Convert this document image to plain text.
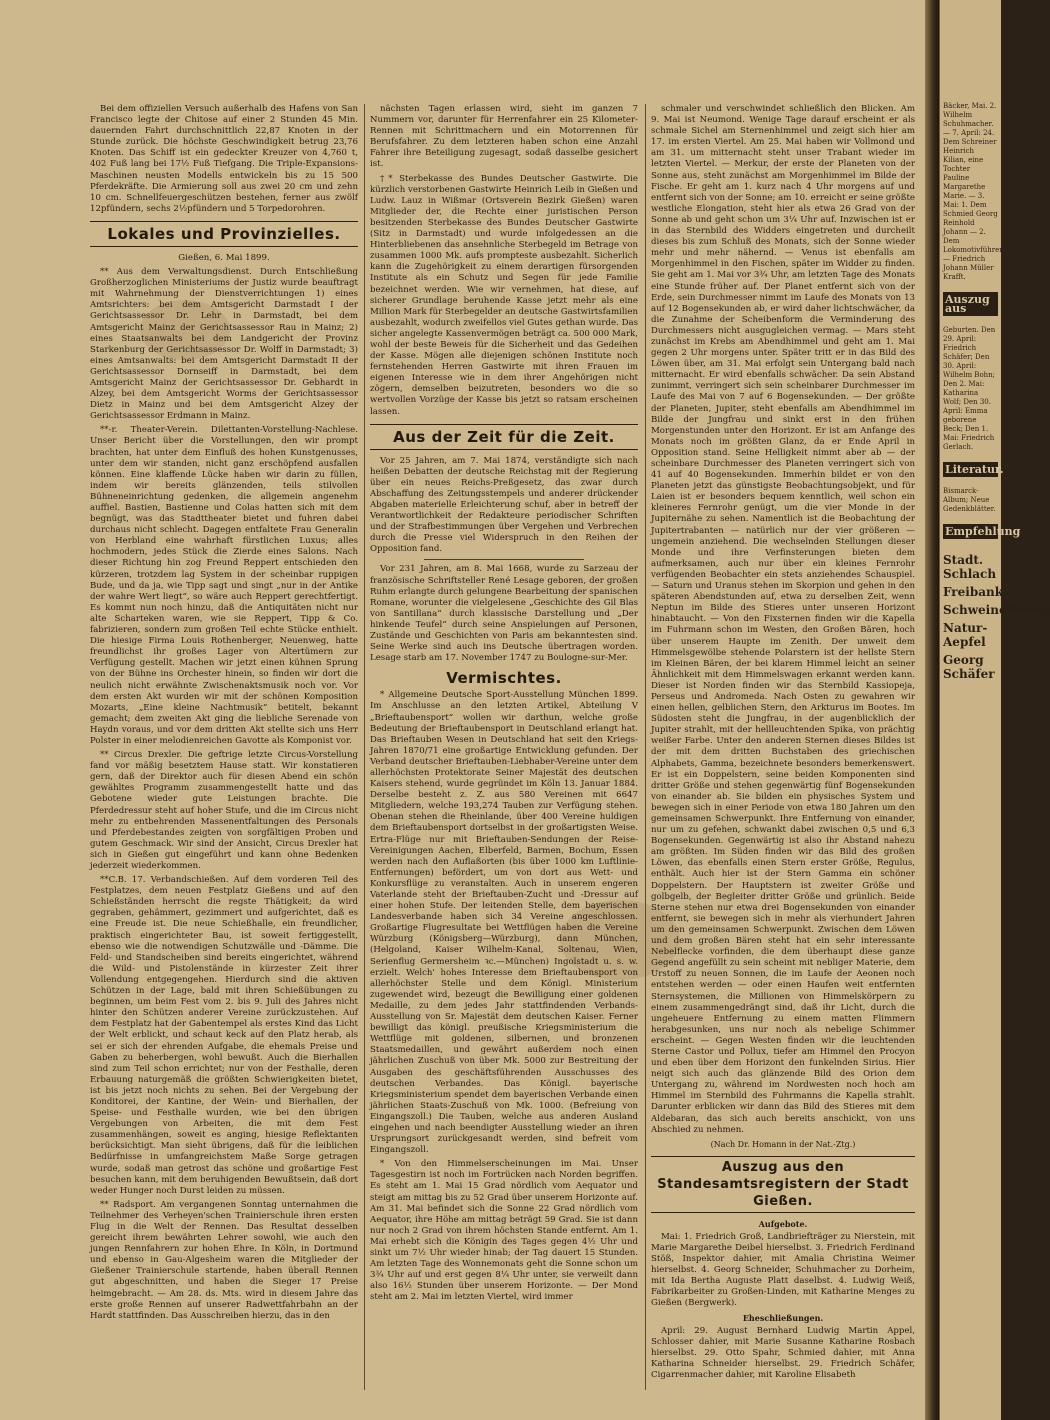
Bei dem offiziellen Versuch außerhalb des Hafens von San Francisco legte der Chitose auf einer 2 Stunden 45 Min. dauernden Fahrt durchschnittlich 22,87 Knoten in der Stunde zurück. Die höchste Geschwindigkeit betrug 23,76 Knoten. Das Schiff ist ein gedeckter Kreuzer von 4,760 t, 402 Fuß lang bei 17½ Fuß Tiefgang. Die Triple-Expansions-Maschinen neusten Modells entwickeln bis zu 15 500 Pferdekräfte. Die Armierung soll aus zwei 20 cm und zehn 10 cm. Schnellfeuergeschützen bestehen, ferner aus zwölf 12pfündern, sechs 2½pfündern und 5 Torpedorohren.

Lokales und Provinzielles.
Gießen, 6. Mai 1899.

** Aus dem Verwaltungsdienst. Durch Entschließung Großherzoglichen Ministeriums der Justiz wurde beauftragt mit Wahrnehmung der Dienstverrichtungen 1) eines Amtsrichters: bei dem Amtsgericht Darmstadt I der Gerichtsassessor Dr. Lehr in Darmstadt, bei dem Amtsgericht Mainz der Gerichtsassessor Rau in Mainz; 2) eines Staatsanwalts bei dem Landgericht der Provinz Starkenburg der Gerichtsassessor Dr. Wolff in Darmstadt; 3) eines Amtsanwalts: bei dem Amtsgericht Darmstadt II der Gerichtsassessor Dornseiff in Darmstadt, bei dem Amtsgericht Mainz der Gerichtsassessor Dr. Gebhardt in Alzey, bei dem Amtsgericht Worms der Gerichtsassessor Dietz in Mainz und bei dem Amtsgericht Alzey der Gerichtsassessor Erdmann in Mainz.

**-r. Theater-Verein. Dilettanten-Vorstellung-Nachlese. Unser Bericht über die Vorstellungen, den wir prompt brachten, hat unter dem Einfluß des hohen Kunstgenusses, unter dem wir standen, nicht ganz erschöpfend ausfallen können. Eine klaffende Lücke haben wir darin zu füllen, indem wir bereits glänzenden, teils stilvollen Bühneneinrichtung gedenken, die allgemein angenehm auffiel. Bastien, Bastienne und Colas hatten sich mit dem begnügt, was das Stadttheater bietet und fuhren dabei durchaus nicht schlecht. Dagegen entfaltete Frau Generalin von Herbland eine wahrhaft fürstlichen Luxus; alles hochmodern, jedes Stück die Zierde eines Salons. Nach dieser Richtung hin zog Freund Reppert entschieden den kürzeren, trotzdem lag System in der scheinbar ruppigen Bude, und da ja, wie Tipp sagt und singt „nur in der Antike der wahre Wert liegt“, so wäre auch Reppert gerechtfertigt. Es kommt nun noch hinzu, daß die Antiquitäten nicht nur alte Scharteken waren, wie sie Reppert, Tipp & Co. fabrizieren, sondern zum großen Teil echte Stücke enthielt. Die hiesige Firma Louis Rothenberger, Neuenweg, hatte freundlichst ihr großes Lager von Altertümern zur Verfügung gestellt. Machen wir jetzt einen kühnen Sprung von der Bühne ins Orchester hinein, so finden wir dort die neulich nicht erwähnte Zwischenaktsmusik noch vor. Vor dem ersten Akt wurden wir mit der schönen Komposition Mozarts, „Eine kleine Nachtmusik“ betitelt, bekannt gemacht; dem zweiten Akt ging die liebliche Serenade von Haydn voraus, und vor dem dritten Akt stellte sich uns Herr Polster in einer melodienreichen Gavotte als Komponist vor.

** Circus Drexler. Die geftrige letzte Circus-Vorstellung fand vor mäßig besetztem Hause statt. Wir konstatieren gern, daß der Direktor auch für diesen Abend ein schön gewähltes Programm zusammengestellt hatte und das Gebotene wieder gute Leistungen brachte. Die Pferdedressur steht auf hoher Stufe, und die im Circus nicht mehr zu entbehrenden Massenentfaltungen des Personals und Pferdebestandes zeigten von sorgfältigen Proben und gutem Geschmack. Wir sind der Ansicht, Circus Drexler hat sich in Gießen gut eingeführt und kann ohne Bedenken jederzeit wiederkommen.

**C.B. 17. Verbandschießen. Auf dem vorderen Teil des Festplatzes, dem neuen Festplatz Gießens und auf den Schießständen herrscht die regste Thätigkeit; da wird gegraben, gehämmert, gezimmert und aufgerichtet, daß es eine Freude ist. Die neue Schießhalle, ein freundlicher, praktisch eingerichteter Bau, ist soweit fertiggestellt, ebenso wie die notwendigen Schutzwälle und -Dämme. Die Feld- und Standscheiben sind bereits eingerichtet, während die Wild- und Pistolenstände in kürzester Zeit ihrer Vollendung entgegengehen. Hierdurch sind die aktiven Schützen in der Lage, bald mit ihren Schießübungen zu beginnen, um beim Fest vom 2. bis 9. Juli des Jahres nicht hinter den Schützen anderer Vereine zurückzustehen. Auf dem Festplatz hat der Gabentempel als erstes Kind das Licht der Welt erblickt, und schaut keck auf den Platz herab, als sei er sich der ehrenden Aufgabe, die ehemals Preise und Gaben zu beherbergen, wohl bewußt. Auch die Bierhallen sind zum Teil schon errichtet; nur von der Festhalle, deren Erbauung naturgemäß die größten Schwierigkeiten bietet, ist bis jetzt noch nichts zu sehen. Bei der Vergebung der Konditorei, der Kantine, der Wein- und Bierhallen, der Speise- und Festhalle wurden, wie bei den übrigen Vergebungen von Arbeiten, die mit dem Fest zusammenhängen, soweit es anging, hiesige Reflektanten berücksichtigt. Man sieht übrigens, daß für die leiblichen Bedürfnisse in umfangreichstem Maße Sorge getragen wurde, sodaß man getrost das schöne und großartige Fest besuchen kann, mit dem beruhigenden Bewußtsein, daß dort weder Hunger noch Durst leiden zu müssen.

** Radsport. Am vergangenen Sonntag unternahmen die Teilnehmer des Verheyen'schen Trainierschule ihren ersten Flug in die Welt der Rennen. Das Resultat desselben gereicht ihrem bewährten Lehrer sowohl, wie auch den jungen Rennfahrern zur hohen Ehre. In Köln, in Dortmund und ebenso in Gau-Algesheim waren die Mitglieder der Gießener Trainierschule startende, haben überall Rennen gut abgeschnitten, und haben die Sieger 17 Preise heimgebracht. — Am 28. ds. Mts. wird in diesem Jahre das erste große Rennen auf unserer Radwettfahrbahn an der Hardt stattfinden. Das Ausschreiben hierzu, das in den

nächsten Tagen erlassen wird, sieht im ganzen 7 Nummern vor, darunter für Herrenfahrer ein 25 Kilometer-Rennen mit Schrittmachern und ein Motorrennen für Berufsfahrer. Zu dem letzteren haben schon eine Anzahl Fahrer ihre Beteiligung zugesagt, sodaß dasselbe gesichert ist.

†* Sterbekasse des Bundes Deutscher Gastwirte. Die kürzlich verstorbenen Gastwirte Heinrich Leib in Gießen und Ludw. Lauz in Wißmar (Ortsverein Bezirk Gießen) waren Mitglieder der, die Rechte einer juristischen Person besitzenden Sterbekasse des Bundes Deutscher Gastwirte (Sitz in Darmstadt) und wurde infolgedessen an die Hinterbliebenen das ansehnliche Sterbegeld im Betrage von zusammen 1000 Mk. aufs prompteste ausbezahlt. Sicherlich kann die Zugehörigkeit zu einem derartigen fürsorgenden Institute als ein Schutz und Segen für jede Familie bezeichnet werden. Wie wir vernehmen, hat diese, auf sicherer Grundlage beruhende Kasse jetzt mehr als eine Million Mark für Sterbegelder an deutsche Gastwirtsfamilien ausbezahlt, wodurch zweifellos viel Gutes gethan wurde. Das sicher angelegte Kassenvermögen beträgt ca. 500 000 Mark, wohl der beste Beweis für die Sicherheit und das Gedeihen der Kasse. Mögen alle diejenigen schönen Institute noch fernstehenden Herren Gastwirte mit ihren Frauen im eigenen Interesse wie in dem ihrer Angehörigen nicht zögern, demselben beizutreten, besonders wo die so wertvollen Vorzüge der Kasse bis jetzt so ratsam erscheinen lassen.

Aus der Zeit für die Zeit.

Vor 25 Jahren, am 7. Mai 1874, verständigte sich nach heißen Debatten der deutsche Reichstag mit der Regierung über ein neues Reichs-Preßgesetz, das zwar durch Abschaffung des Zeitungsstempels und anderer drückender Abgaben materielle Erleichterung schuf, aber in betreff der Verantwortlichkeit der Redakteure periodischer Schriften und der Strafbestimmungen über Vergehen und Verbrechen durch die Presse viel Widerspruch in den Reihen der Opposition fand.

Vor 231 Jahren, am 8. Mai 1668, wurde zu Sarzeau der französische Schriftsteller René Lesage geboren, der großen Ruhm erlangte durch gelungene Bearbeitung der spanischen Romane, worunter die vielgelesene „Geschichte des Gil Blas von Santillana“ durch klassische Darstellung und „Der hinkende Teufel“ durch seine Anspielungen auf Personen, Zustände und Geschichten von Paris am bekanntesten sind. Seine Werke sind auch ins Deutsche übertragen worden. Lesage starb am 17. November 1747 zu Boulogne-sur-Mer.

Vermischtes.

* Allgemeine Deutsche Sport-Ausstellung München 1899. Im Anschlusse an den letzten Artikel, Abteilung V „Brieftaubensport“ wollen wir darthun, welche große Bedeutung der Brieftaubensport in Deutschland erlangt hat. Das Brieftauben Wesen in Deutschland hat seit den Kriegs-Jahren 1870/71 eine großartige Entwicklung gefunden. Der Verband deutscher Brieftauben-Liebhaber-Vereine unter dem allerhöchsten Protektorate Seiner Majestät des deutschen Kaisers stehend, wurde gegründet im Köln 13. Januar 1884. Derselbe besteht z. Z. aus 580 Vereinen mit 6647 Mitgliedern, welche 193,274 Tauben zur Verfügung stehen. Obenan stehen die Rheinlande, über 400 Vereine huldigen dem Brieftaubensport dortselbst in der großartigsten Weise. Ertra-Flüge nur mit Brieftauben-Sendungen der Reise-Vereinigungen Aachen, Elberfeld, Barmen, Bochum, Essen werden nach den Auflaßorten (bis über 1000 km Luftlinie-Entfernungen) befördert, um von dort aus Wett- und Konkursflüge zu veranstalten. Auch in unserem engeren Vaterlande steht der Brieftauben-Zucht und -Dressur auf einer hohen Stufe. Der leitenden Stelle, dem bayerischen Landesverbande haben sich 34 Vereine angeschlossen. Großartige Flugresultate bei Wettflügen haben die Vereine Würzburg (Königsberg—Würzburg), dann München, (Helgoland, Kaiser Wilhelm-Kanal, Soltenau, Wien, Serienflug Germersheim ꝛc.—München) Ingolstadt u. s. w. erzielt. Welch' hohes Interesse dem Brieftaubensport von allerhöchster Stelle und dem Königl. Ministerium zugewendet wird, bezeugt die Bewilligung einer goldenen Medaille, zu dem jedes Jahr stattfindenden Verbands-Ausstellung von Sr. Majestät dem deutschen Kaiser. Ferner bewilligt das königl. preußische Kriegsministerium die Wettflüge mit goldenen, silbernen, und bronzenen Staatsmedaillen, und gewährt außerdem noch einen jährlichen Zuschuß von über Mk. 5000 zur Bestreitung der Ausgaben des geschäftsführenden Ausschusses des deutschen Verbandes. Das Königl. bayerische Kriegsministerium spendet dem bayerischen Verbande einen jährlichen Staats-Zuschuß von Mk. 1000. (Befreiung von Eingangszoll.) Die Tauben, welche aus anderen Ausland eingehen und nach beendigter Ausstellung wieder an ihren Ursprungsort zurückgesandt werden, sind befreit vom Eingangszoll.

* Von den Himmelserscheinungen im Mai. Unser Tagesgestirn ist noch im Fortrücken nach Norden begriffen. Es steht am 1. Mai 15 Grad nördlich vom Aequator und steigt am mittag bis zu 52 Grad über unserem Horizonte auf. Am 31. Mai befindet sich die Sonne 22 Grad nördlich vom Aequator, ihre Höhe am mittag beträgt 59 Grad. Sie ist dann nur noch 2 Grad von ihrem höchsten Stande entfernt. Am 1. Mai erhebt sich die Königin des Tages gegen 4½ Uhr und sinkt um 7½ Uhr wieder hinab; der Tag dauert 15 Stunden. Am letzten Tage des Wonnemonats geht die Sonne schon um 3¾ Uhr auf und erst gegen 8¼ Uhr unter, sie verweilt dann also 16½ Stunden über unserem Horizonte. — Der Mond steht am 2. Mai im letzten Viertel, wird immer

schmaler und verschwindet schließlich den Blicken. Am 9. Mai ist Neumond. Wenige Tage darauf erscheint er als schmale Sichel am Sternenhimmel und zeigt sich hier am 17. im ersten Viertel. Am 25. Mai haben wir Vollmond und am 31. um mitternacht steht unser Trabant wieder im letzten Viertel. — Merkur, der erste der Planeten von der Sonne aus, steht zunächst am Morgenhimmel im Bilde der Fische. Er geht am 1. kurz nach 4 Uhr morgens auf und entfernt sich von der Sonne; am 10. erreicht er seine größte westliche Elongation, steht hier als etwa 26 Grad von der Sonne ab und geht schon um 3¼ Uhr auf. Inzwischen ist er in das Sternbild des Widders eingetreten und durcheilt dieses bis zum Schluß des Monats, sich der Sonne wieder mehr und mehr nähernd. — Venus ist ebenfalls am Morgenhimmel in den Fischen, später im Widder zu finden. Sie geht am 1. Mai vor 3¾ Uhr, am letzten Tage des Monats eine Stunde früher auf. Der Planet entfernt sich von der Erde, sein Durchmesser nimmt im Laufe des Monats von 13 auf 12 Bogensekunden ab, er wird daher lichtschwächer, da die Zunahme der Scheibenform die Verminderung des Durchmessers nicht ausgugleichen vermag. — Mars steht zunächst im Krebs am Abendhimmel und geht am 1. Mai gegen 2 Uhr morgens unter. Später tritt er in das Bild des Löwen über, am 31. Mai erfolgt sein Untergang bald nach mitternacht. Er wird ebenfalls schwächer. Da sein Abstand zunimmt, verringert sich sein scheinbarer Durchmesser im Laufe des Mai von 7 auf 6 Bogensekunden. — Der größte der Planeten, Jupiter, steht ebenfalls am Abendhimmel im Bilde der Jungfrau und sinkt erst in den frühen Morgenstunden unter den Horizont. Er ist am Anfange des Monats noch im größten Glanz, da er Ende April in Opposition stand. Seine Helligkeit nimmt aber ab — der scheinbare Durchmesser des Planeten verringert sich von 41 auf 40 Bogensekunden. Immerhin bildet er von den Planeten jetzt das günstigste Beobachtungsobjekt, und für Laien ist er besonders bequem kenntlich, weil schon ein kleineres Fernrohr genügt, um die vier Monde in der Jupiternähe zu sehen. Namentlich ist die Beobachtung der Jupitertrabanten — natürlich nur der vier größeren — ungemein anziehend. Die wechselnden Stellungen dieser Monde und ihre Verfinsterungen bieten dem aufmerksamen, auch nur über ein kleines Fernrohr verfügenden Beobachter ein stets anziehendes Schauspiel. — Saturn und Uranus stehen im Skorpion und gehen in den späteren Abendstunden auf, etwa zu derselben Zeit, wenn Neptun im Bilde des Stieres unter unseren Horizont hinabtaucht. — Von den Fixsternen finden wir die Kapella im Fuhrmann schon im Westen, den Großen Bären, hoch über unserem Haupte im Zenith. Der unweit dem Himmelsgewölbe stehende Polarstern ist der hellste Stern im Kleinen Bären, der bei klarem Himmel leicht an seiner Ähnlichkeit mit dem Himmelswagen erkannt werden kann. Dieser ist Norden finden wir das Sternbild Kassiopeja, Perseus und Andromeda. Nach Osten zu gewahren wir einen hellen, gelblichen Stern, den Arkturus im Bootes. Im Südosten steht die Jungfrau, in der augenblicklich der Jupiter strahlt, mit der hellleuchtenden Spika, von prächtig weißer Farbe. Unter den anderen Sternen dieses Bildes ist der mit dem dritten Buchstaben des griechischen Alphabets, Gamma, bezeichnete besonders bemerkenswert. Er ist ein Doppelstern, seine beiden Komponenten sind dritter Größe und stehen gegenwärtig fünf Bogensekunden von einander ab. Sie bilden ein physisches System und bewegen sich in einer Periode von etwa 180 Jahren um den gemeinsamen Schwerpunkt. Ihre Entfernung von einander, nur um zu gefehen, schwankt dabei zwischen 0,5 und 6,3 Bogensekunden. Gegenwärtig ist also ihr Abstand nahezu am größten. Im Süden finden wir das Bild des großen Löwen, das ebenfalls einen Stern erster Größe, Regulus, enthält. Auch hier ist der Stern Gamma ein schöner Doppelstern. Der Hauptstern ist zweiter Größe und golbgelb, der Begleiter dritter Größe und grünlich. Beide Sterne stehen nur etwa drei Bogensekunden von einander entfernt, sie bewegen sich in mehr als vierhundert Jahren um den gemeinsamen Schwerpunkt. Zwischen dem Löwen und dem großen Bären steht hat ein sehr interessante Nebelflecke vorfinden, die dem überhaupt diese ganze Gegend angefüllt zu sein scheint mit nebliger Materie, dem Urstoff zu neuen Sonnen, die im Laufe der Aeonen noch entstehen werden — oder einen Haufen weit entfernten Sternsystemen, die Millionen von Himmelskörpern zu einem zusammengedrängt sind, daß ihr Licht, durch die ungeheuere Entfernung zu einem matten Flimmern herabgesunken, uns nur noch als nebelige Schimmer erscheint. — Gegen Westen finden wir die leuchtenden Sterne Castor und Pollux, tiefer am Himmel den Procyon und eben über dem Horizont den funkelnden Sirius. Hier neigt sich auch das glänzende Bild des Orion dem Untergang zu, während im Nordwesten noch hoch am Himmel im Sternbild des Fuhrmanns die Kapella strahlt. Darunter erblicken wir dann das Bild des Stieres mit dem Aldebaran, das sich auch bereits anschickt, von uns Abschied zu nehmen.

(Nach Dr. Homann in der Nat.-Ztg.)
Auszug aus den Standesamtsregistern der Stadt Gießen.
Aufgebote.

Mai: 1. Friedrich Groß, Landbriefträger zu Nierstein, mit Marie Margarethe Deibel hierselbst. 3. Friedrich Ferdinand Stöß, Inspektor dahier, mit Amalia Christina Weimer hierselbst. 4. Georg Schneider, Schuhmacher zu Dorheim, mit Ida Bertha Auguste Platt daselbst. 4. Ludwig Weiß, Fabrikarbeiter zu Großen-Linden, mit Katharine Menges zu Gießen (Bergwerk).

Eheschließungen.

April: 29. August Bernhard Ludwig Martin Appel, Schlosser dahier, mit Marie Susanne Katharine Rosbach hierselbst. 29. Otto Spahr, Schmied dahier, mit Anna Katharina Schneider hierselbst. 29. Friedrich Schäfer, Cigarrenmacher dahier, mit Karoline Elisabeth

Bäcker, Mai. 2. Wilhelm Schuhmacher. — 7. April: 24. Dem Schreiner Heinrich Kilian, eine Tochter Pauline Margarethe Marie. — 3. Mai: 1. Dem Schmied Georg Reinhold Johann — 2. Dem Lokomotivführer. — Friedrich Johann Müller Krafft.
Auszug aus
Geburten. Den 29. April: Friedrich Schäfer; Den 30. April: Wilhelm Bohn; Den 2. Mai: Katharina Wolf; Den 30. April: Emma geborene Beck; Den 1. Mai: Friedrich Gerlach.
Literatur.
Bismarck-Album; Neue Gedenkblätter.
Empfehlung
Stadt. Schlach
Freibank
Schweinefleisch
Natur-Aepfel
Georg Schäfer
